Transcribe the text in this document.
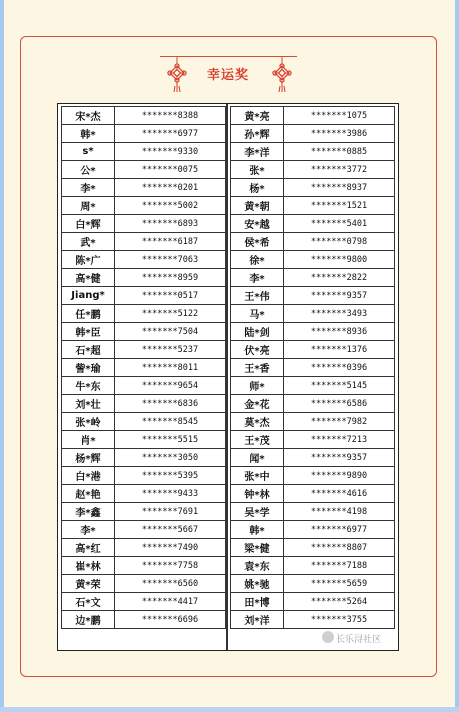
幸运奖
宋*杰	*******8388
韩*	*******6977
s*	*******9330
公*	*******0075
李*	*******0201
周*	*******5002
白*辉	*******6893
武*	*******6187
陈*广	*******7063
高*健	*******8959
Jiang*	*******0517
任*鹏	*******5122
韩*臣	*******7504
石*超	*******5237
訾*瑜	*******8011
牛*东	*******9654
刘*壮	*******6836
张*岭	*******8545
肖*	*******5515
杨*辉	*******3050
白*港	*******5395
赵*艳	*******9433
李*鑫	*******7691
李*	*******5667
高*红	*******7490
崔*林	*******7758
黄*荣	*******6560
石*文	*******4417
边*鹏	*******6696
黄*亮	*******1075
孙*辉	*******3986
李*洋	*******0885
张*	*******3772
杨*	*******8937
黄*朝	*******1521
安*越	*******5401
侯*希	*******0798
徐*	*******9800
李*	*******2822
王*伟	*******9357
马*	*******3493
陆*剑	*******8936
伏*亮	*******1376
王*香	*******0396
师*	*******5145
金*花	*******6586
莫*杰	*******7982
王*茂	*******7213
闻*	*******9357
张*中	*******9890
钟*林	*******4616
吴*学	*******4198
韩*	*******6977
梁*健	*******8807
袁*东	*******7188
姚*驰	*******5659
田*博	*******5264
刘*洋	*******3755
长乐浔社区
